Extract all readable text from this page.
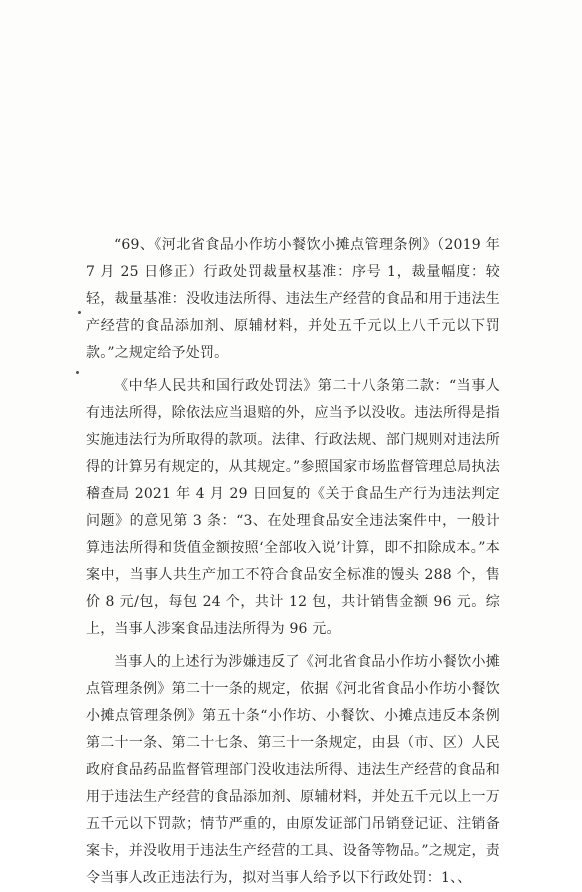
“69、《河北省食品小作坊小餐饮小摊点管理条例》（2019 年 7 月 25 日修正）行政处罚裁量权基准：序号 1，裁量幅度：较轻，裁量基准：没收违法所得、违法生产经营的食品和用于违法生产经营的食品添加剂、原辅材料，并处五千元以上八千元以下罚款。”之规定给予处罚。

《中华人民共和国行政处罚法》第二十八条第二款：“当事人有违法所得，除依法应当退赔的外，应当予以没收。违法所得是指实施违法行为所取得的款项。法律、行政法规、部门规则对违法所得的计算另有规定的，从其规定。”参照国家市场监督管理总局执法稽查局 2021 年 4 月 29 日回复的《关于食品生产行为违法判定问题》的意见第 3 条：“3、在处理食品安全违法案件中，一般计算违法所得和货值金额按照‘全部收入说’计算，即不扣除成本。”本案中，当事人共生产加工不符合食品安全标准的馒头 288 个，售价 8 元/包，每包 24 个，共计 12 包，共计销售金额 96 元。综上，当事人涉案食品违法所得为 96 元。

当事人的上述行为涉嫌违反了《河北省食品小作坊小餐饮小摊点管理条例》第二十一条的规定，依据《河北省食品小作坊小餐饮小摊点管理条例》第五十条“小作坊、小餐饮、小摊点违反本条例第二十一条、第二十七条、第三十一条规定，由县（市、区）人民政府食品药品监督管理部门没收违法所得、违法生产经营的食品和用于违法生产经营的食品添加剂、原辅材料，并处五千元以上一万五千元以下罚款；情节严重的，由原发证部门吊销登记证、注销备案卡，并没收用于违法生产经营的工具、设备等物品。”之规定，责令当事人改正违法行为，拟对当事人给予以下行政处罚：1、、
